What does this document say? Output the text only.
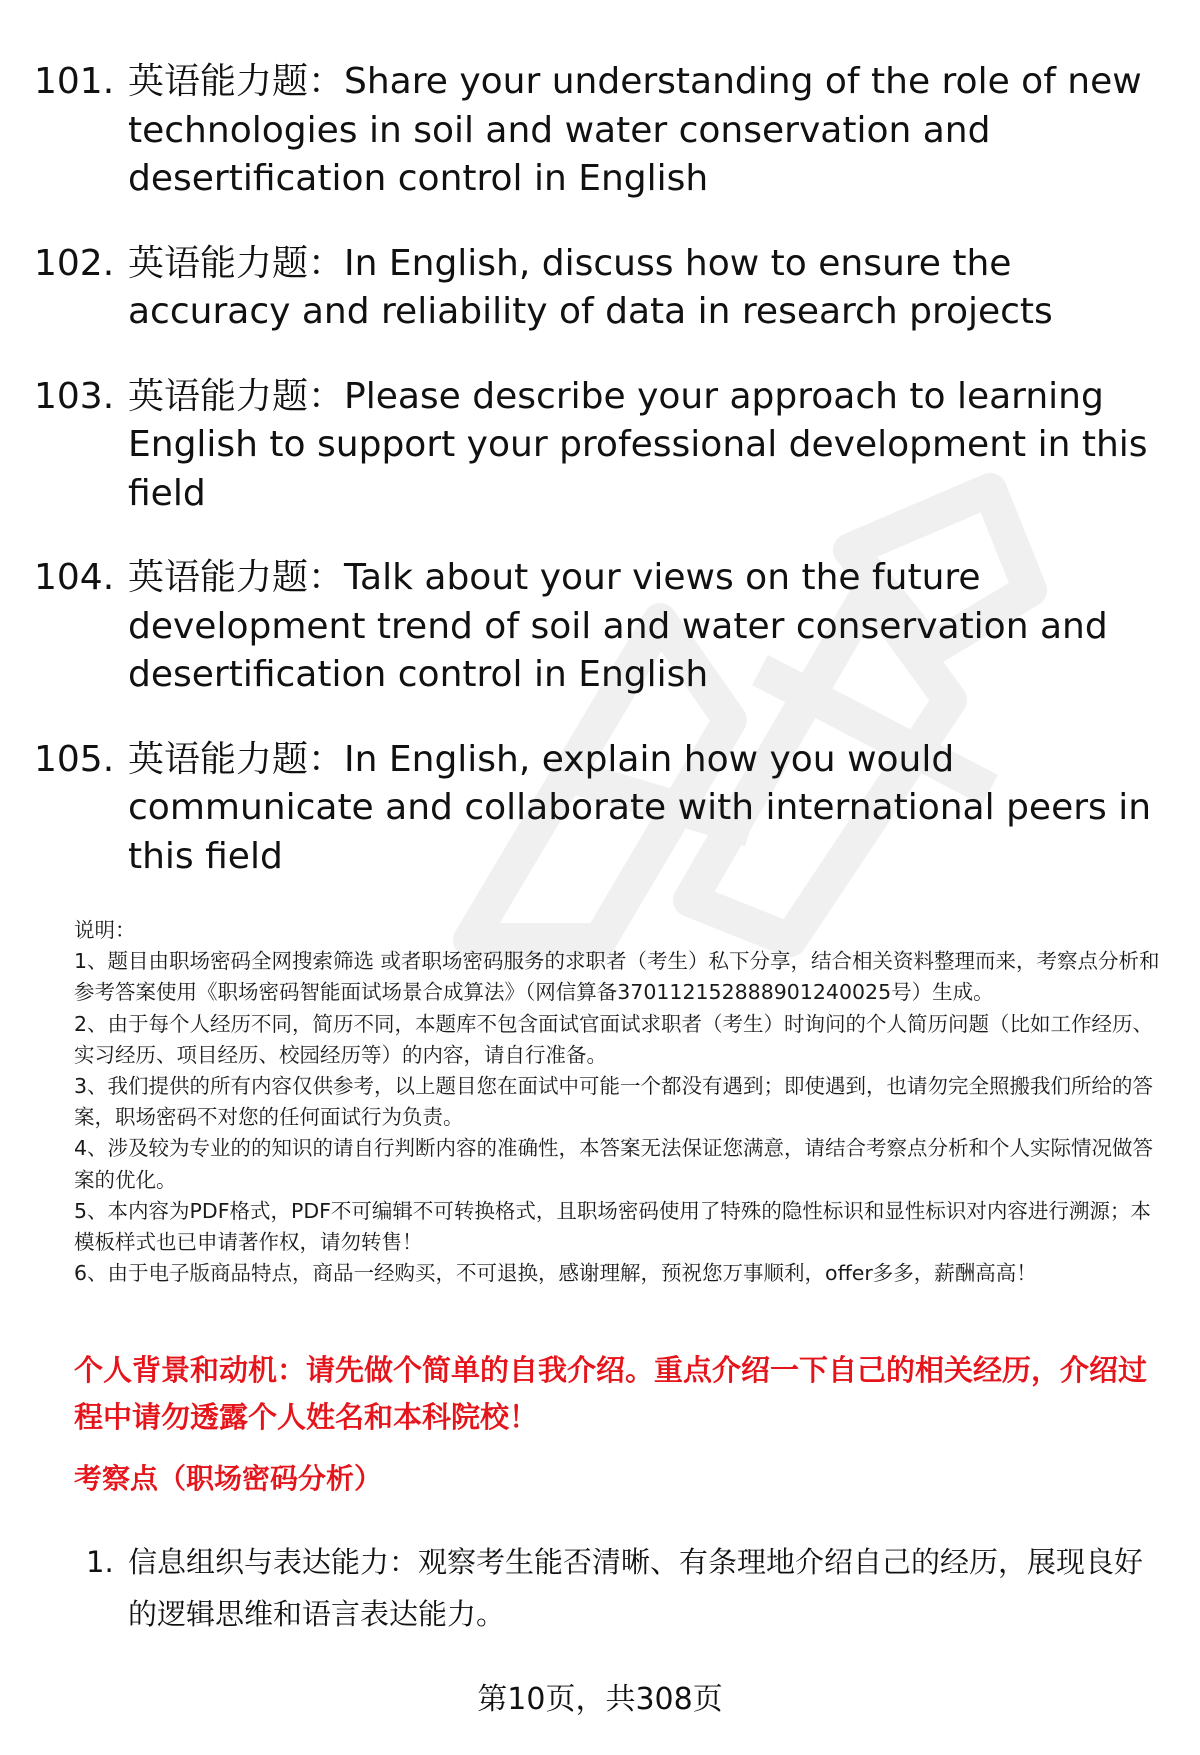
101. 英语能力题：Share your understanding of the role of new technologies in soil and water conservation and desertification control in English
102. 英语能力题：In English, discuss how to ensure the accuracy and reliability of data in research projects
103. 英语能力题：Please describe your approach to learning English to support your professional development in this field
104. 英语能力题：Talk about your views on the future development trend of soil and water conservation and desertification control in English
105. 英语能力题：In English, explain how you would communicate and collaborate with international peers in this field

说明：

1、题目由职场密码全网搜索筛选 或者职场密码服务的求职者（考生）私下分享，结合相关资料整理而来，考察点分析和参考答案使用《职场密码智能面试场景合成算法》（网信算备370112152888901240025号）生成。

2、由于每个人经历不同，简历不同，本题库不包含面试官面试求职者（考生）时询问的个人简历问题（比如工作经历、实习经历、项目经历、校园经历等）的内容，请自行准备。

3、我们提供的所有内容仅供参考，以上题目您在面试中可能一个都没有遇到；即使遇到，也请勿完全照搬我们所给的答案，职场密码不对您的任何面试行为负责。

4、涉及较为专业的的知识的请自行判断内容的准确性，本答案无法保证您满意，请结合考察点分析和个人实际情况做答案的优化。

5、本内容为PDF格式，PDF不可编辑不可转换格式，且职场密码使用了特殊的隐性标识和显性标识对内容进行溯源；本模板样式也已申请著作权，请勿转售！

6、由于电子版商品特点，商品一经购买，不可退换，感谢理解，预祝您万事顺利，offer多多，薪酬高高！

个人背景和动机：请先做个简单的自我介绍。重点介绍一下自己的相关经历，介绍过程中请勿透露个人姓名和本科院校！
考察点（职场密码分析）
1. 信息组织与表达能力：观察考生能否清晰、有条理地介绍自己的经历，展现良好的逻辑思维和语言表达能力。
第10页，共308页
